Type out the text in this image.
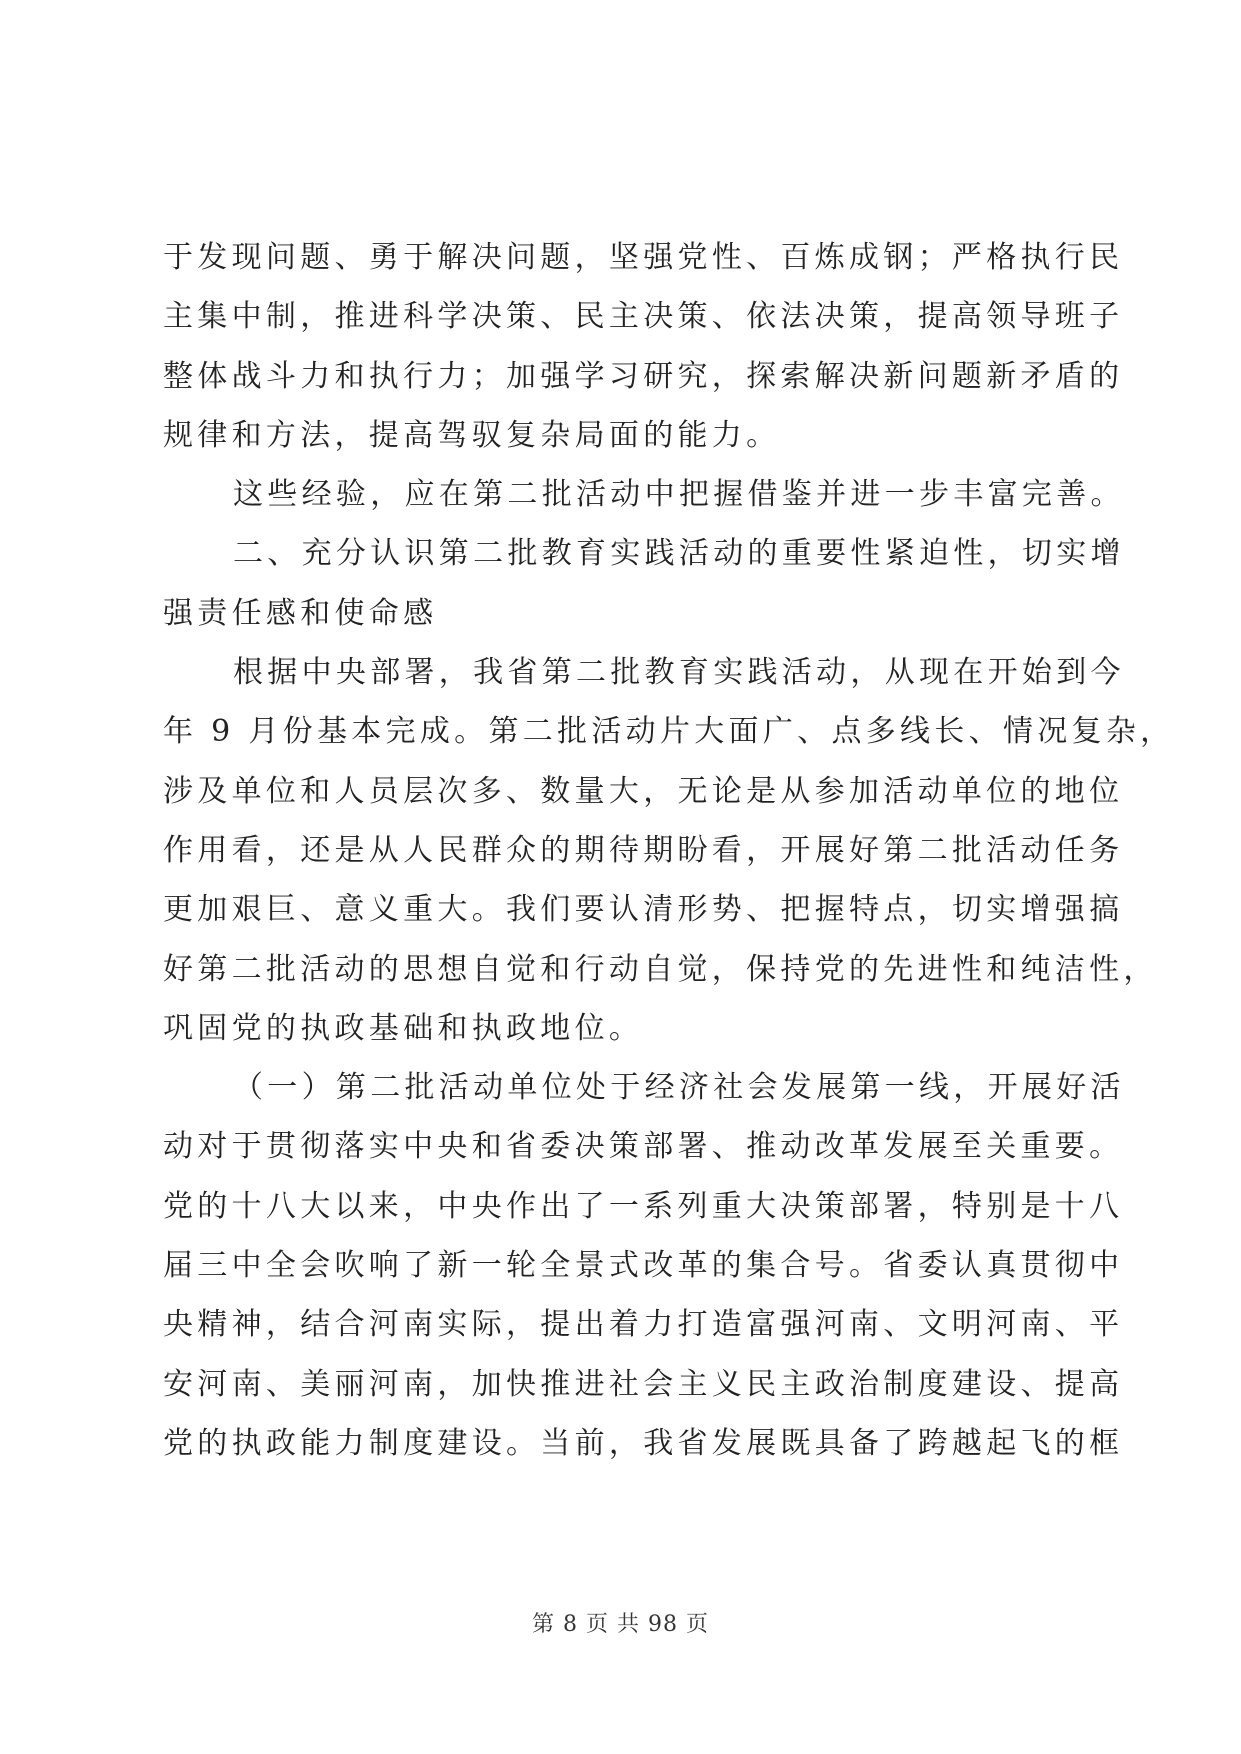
于发现问题、勇于解决问题，坚强党性、百炼成钢；严格执行民
主集中制，推进科学决策、民主决策、依法决策，提高领导班子
整体战斗力和执行力；加强学习研究，探索解决新问题新矛盾的
规律和方法，提高驾驭复杂局面的能力。
这些经验，应在第二批活动中把握借鉴并进一步丰富完善。
二、充分认识第二批教育实践活动的重要性紧迫性，切实增
强责任感和使命感
根据中央部署，我省第二批教育实践活动，从现在开始到今
年 9 月份基本完成。第二批活动片大面广、点多线长、情况复杂，
涉及单位和人员层次多、数量大，无论是从参加活动单位的地位
作用看，还是从人民群众的期待期盼看，开展好第二批活动任务
更加艰巨、意义重大。我们要认清形势、把握特点，切实增强搞
好第二批活动的思想自觉和行动自觉，保持党的先进性和纯洁性，
巩固党的执政基础和执政地位。
（一）第二批活动单位处于经济社会发展第一线，开展好活
动对于贯彻落实中央和省委决策部署、推动改革发展至关重要。
党的十八大以来，中央作出了一系列重大决策部署，特别是十八
届三中全会吹响了新一轮全景式改革的集合号。省委认真贯彻中
央精神，结合河南实际，提出着力打造富强河南、文明河南、平
安河南、美丽河南，加快推进社会主义民主政治制度建设、提高
党的执政能力制度建设。当前，我省发展既具备了跨越起飞的框
第 8 页 共 98 页
